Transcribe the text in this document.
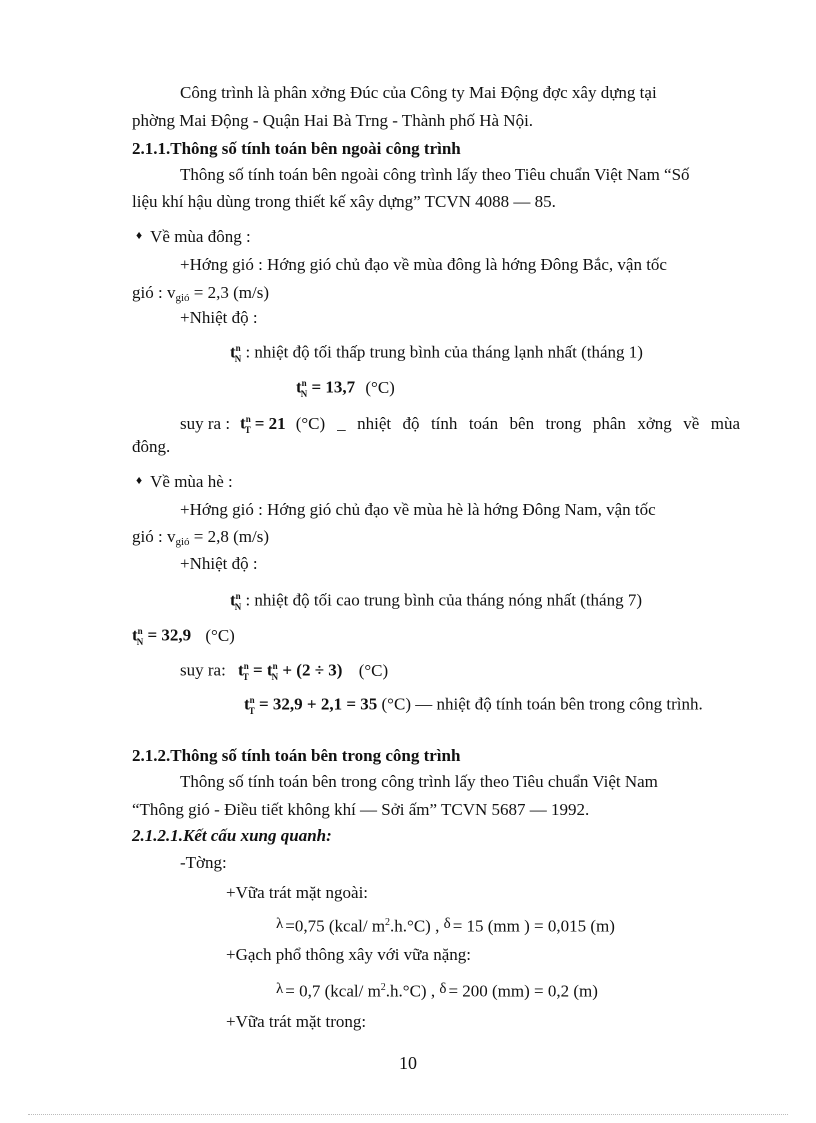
Công trình là phân xởng Đúc của Công ty Mai Động đợc xây dựng tại
phờng Mai Động - Quận Hai Bà Trng - Thành phố Hà Nội.
2.1.1.Thông số tính toán bên ngoài công trình
Thông số tính toán bên ngoài công trình lấy theo Tiêu chuẩn Việt Nam “Số
liệu khí hậu dùng trong thiết kế xây dựng” TCVN 4088 — 85.
♦ Về mùa đông :
+Hớng gió : Hớng gió chủ đạo về mùa đông là hớng Đông Bắc, vận tốc
gió : vgió = 2,3 (m/s)
+Nhiệt độ :
$t^n_N$ : nhiệt độ tối thấp trung bình của tháng lạnh nhất (tháng 1)
$t^n_N = 13,7$ (°C)
suy ra : $t^n_T = 21$ (°C) _ nhiệt độ tính toán bên trong phân xởng về mùa
đông.
♦ Về mùa hè :
+Hớng gió : Hớng gió chủ đạo về mùa hè là hớng Đông Nam, vận tốc
gió : vgió = 2,8 (m/s)
+Nhiệt độ :
$t^n_N$ : nhiệt độ tối cao trung bình của tháng nóng nhất (tháng 7)
$t^n_N = 32,9$ (°C)
suy ra: $t^n_T = t^n_N + (2 \div 3)$ (°C)
$t^n_T = 32,9 + 2,1 = 35$ (°C) — nhiệt độ tính toán bên trong công trình.
2.1.2.Thông số tính toán bên trong công trình
Thông số tính toán bên trong công trình lấy theo Tiêu chuẩn Việt Nam
“Thông gió - Điều tiết không khí — Sởi ấm” TCVN 5687 — 1992.
2.1.2.1.Kết cấu xung quanh:
-Tờng:
+Vữa trát mặt ngoài:
λ =0,75 (kcal/ $m^2.h.^\circ C$) , δ = 15 (mm ) = 0,015 (m)
+Gạch phổ thông xây với vữa nặng:
λ = 0,7 (kcal/ $m^2.h.^\circ C$) , δ = 200 (mm) = 0,2 (m)
+Vữa trát mặt trong:
10
